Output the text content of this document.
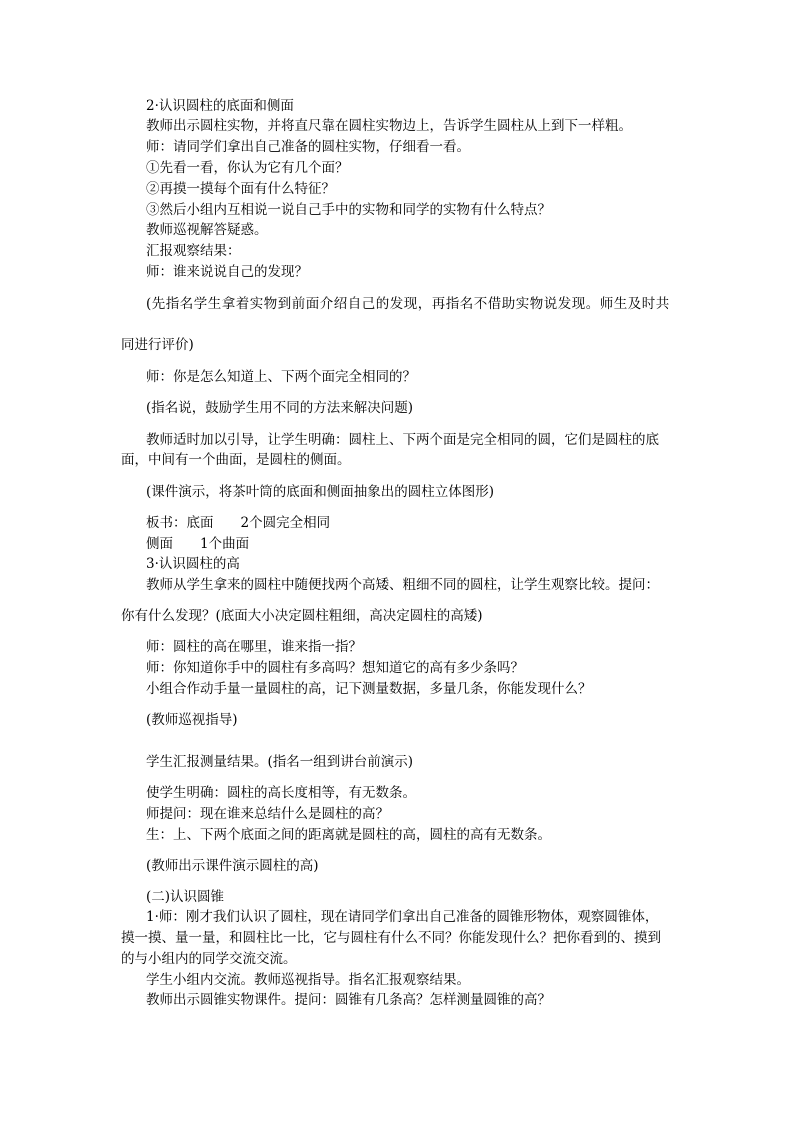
2·认识圆柱的底面和侧面
教师出示圆柱实物，并将直尺靠在圆柱实物边上，告诉学生圆柱从上到下一样粗。
师：请同学们拿出自己准备的圆柱实物，仔细看一看。
①先看一看，你认为它有几个面？
②再摸一摸每个面有什么特征？
③然后小组内互相说一说自己手中的实物和同学的实物有什么特点？
教师巡视解答疑惑。
汇报观察结果：
师：谁来说说自己的发现？
(先指名学生拿着实物到前面介绍自己的发现，再指名不借助实物说发现。师生及时共
同进行评价)
师：你是怎么知道上、下两个面完全相同的？
(指名说，鼓励学生用不同的方法来解决问题)
教师适时加以引导，让学生明确：圆柱上、下两个面是完全相同的圆，它们是圆柱的底
面，中间有一个曲面，是圆柱的侧面。
(课件演示，将茶叶筒的底面和侧面抽象出的圆柱立体图形)
板书：底面　　2个圆完全相同
侧面　　1个曲面
3·认识圆柱的高
教师从学生拿来的圆柱中随便找两个高矮、粗细不同的圆柱，让学生观察比较。提问：
你有什么发现？(底面大小决定圆柱粗细，高决定圆柱的高矮)
师：圆柱的高在哪里，谁来指一指？
师：你知道你手中的圆柱有多高吗？想知道它的高有多少条吗？
小组合作动手量一量圆柱的高，记下测量数据，多量几条，你能发现什么？
(教师巡视指导)
学生汇报测量结果。(指名一组到讲台前演示)
使学生明确：圆柱的高长度相等，有无数条。
师提问：现在谁来总结什么是圆柱的高？
生：上、下两个底面之间的距离就是圆柱的高，圆柱的高有无数条。
(教师出示课件演示圆柱的高)
(二)认识圆锥
1·师：刚才我们认识了圆柱，现在请同学们拿出自己准备的圆锥形物体，观察圆锥体，
摸一摸、量一量，和圆柱比一比，它与圆柱有什么不同？你能发现什么？把你看到的、摸到
的与小组内的同学交流交流。
学生小组内交流。教师巡视指导。指名汇报观察结果。
教师出示圆锥实物课件。提问：圆锥有几条高？怎样测量圆锥的高？
